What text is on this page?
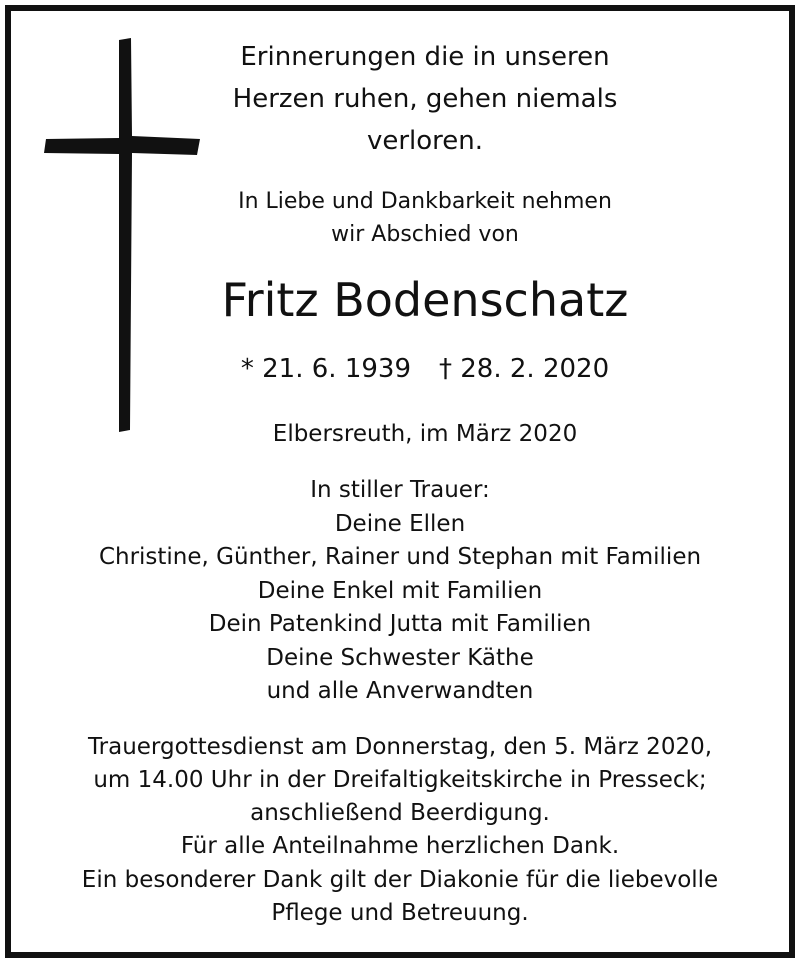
Erinnerungen die in unseren
Herzen ruhen, gehen niemals
verloren.
In Liebe und Dankbarkeit nehmen
wir Abschied von
Fritz Bodenschatz
* 21. 6. 1939 † 28. 2. 2020
Elbersreuth, im März 2020
In stiller Trauer:
Deine Ellen
Christine, Günther, Rainer und Stephan mit Familien
Deine Enkel mit Familien
Dein Patenkind Jutta mit Familien
Deine Schwester Käthe
und alle Anverwandten
Trauergottesdienst am Donnerstag, den 5. März 2020,
um 14.00 Uhr in der Dreifaltigkeitskirche in Presseck;
anschließend Beerdigung.
Für alle Anteilnahme herzlichen Dank.
Ein besonderer Dank gilt der Diakonie für die liebevolle
Pflege und Betreuung.
